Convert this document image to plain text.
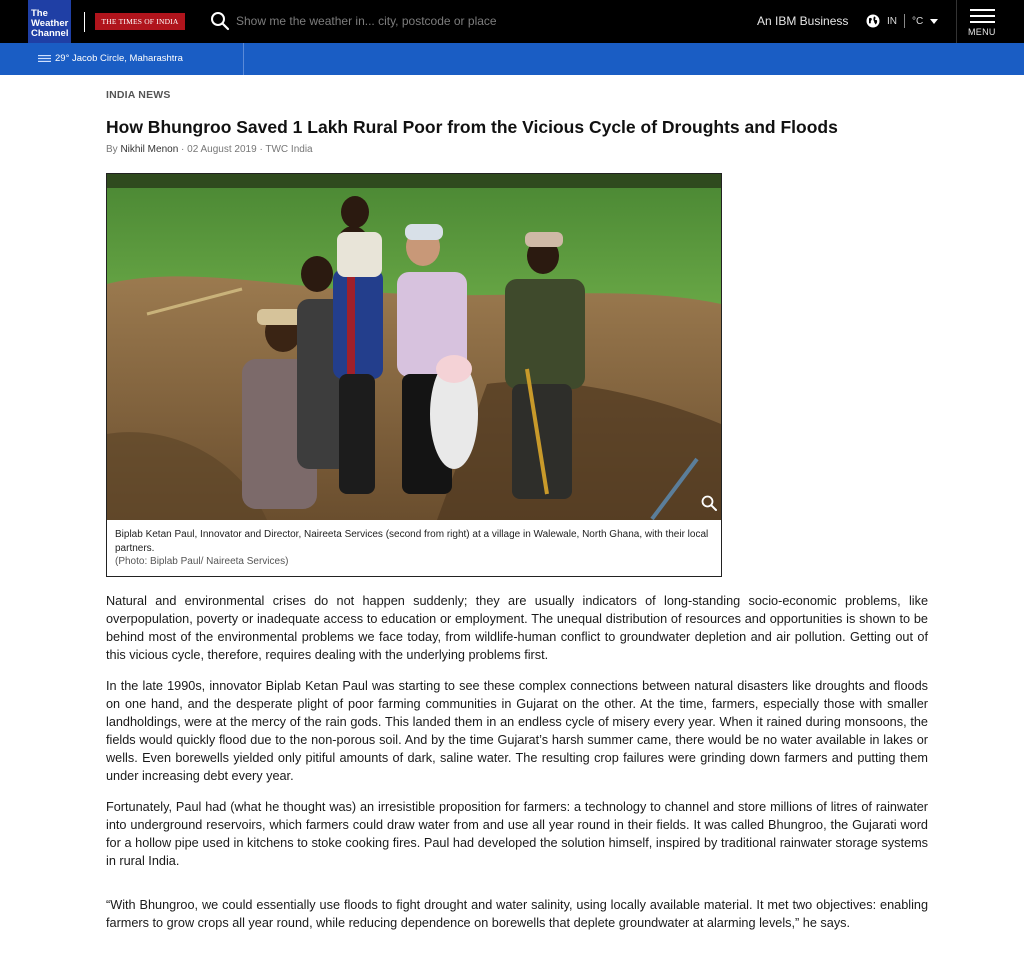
The
Weather
Channel
THE TIMES OF INDIA
Show me the weather in... city, postcode or place	An IBM Business	IN °C
MENU
29° Jacob Circle, Maharashtra
INDIA NEWS
How Bhungroo Saved 1 Lakh Rural Poor from the Vicious Cycle of Droughts and Floods
By Nikhil Menon · 02 August 2019 · TWC India
Biplab Ketan Paul, Innovator and Director, Naireeta Services (second from right) at a village in Walewale, North Ghana, with their local partners.
(Photo: Biplab Paul/ Naireeta Services)

Natural and environmental crises do not happen suddenly; they are usually indicators of long-standing socio-economic problems, like overpopulation, poverty or inadequate access to education or employment. The unequal distribution of resources and opportunities is shown to be behind most of the environmental problems we face today, from wildlife-human conflict to groundwater depletion and air pollution. Getting out of this vicious cycle, therefore, requires dealing with the underlying problems first.

In the late 1990s, innovator Biplab Ketan Paul was starting to see these complex connections between natural disasters like droughts and floods on one hand, and the desperate plight of poor farming communities in Gujarat on the other. At the time, farmers, especially those with smaller landholdings, were at the mercy of the rain gods. This landed them in an endless cycle of misery every year. When it rained during monsoons, the fields would quickly flood due to the non-porous soil. And by the time Gujarat’s harsh summer came, there would be no water available in lakes or wells. Even borewells yielded only pitiful amounts of dark, saline water. The resulting crop failures were grinding down farmers and putting them under increasing debt every year.

Fortunately, Paul had (what he thought was) an irresistible proposition for farmers: a technology to channel and store millions of litres of rainwater into underground reservoirs, which farmers could draw water from and use all year round in their fields. It was called Bhungroo, the Gujarati word for a hollow pipe used in kitchens to stoke cooking fires. Paul had developed the solution himself, inspired by traditional rainwater storage systems in rural India.

“With Bhungroo, we could essentially use floods to fight drought and water salinity, using locally available material. It met two objectives: enabling farmers to grow crops all year round, while reducing dependence on borewells that deplete groundwater at alarming levels,” he says.
